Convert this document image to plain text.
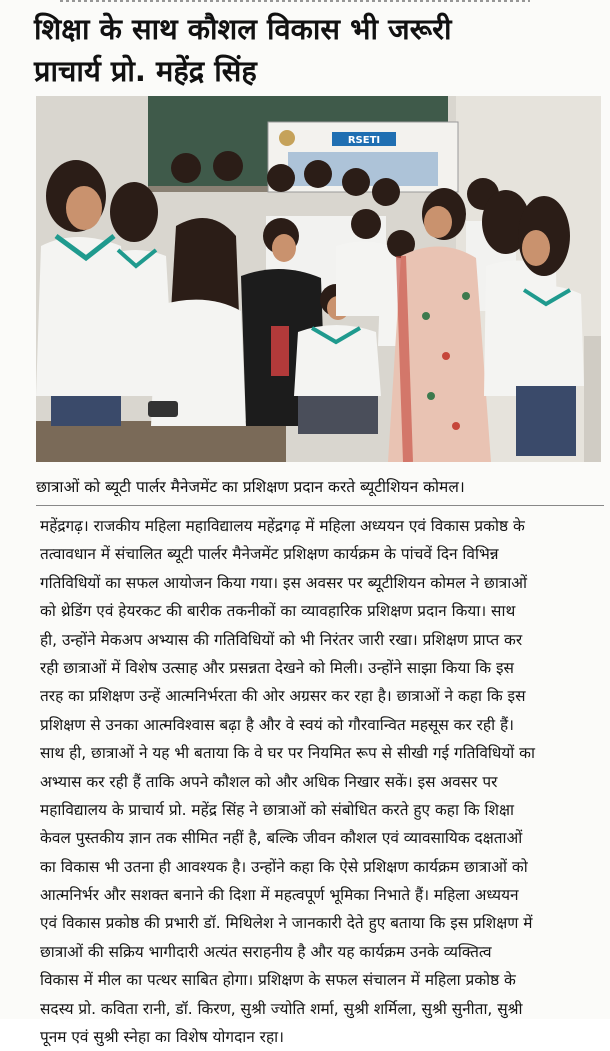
शिक्षा के साथ कौशल विकास भी जरूरी
प्राचार्य प्रो. महेंद्र सिंह
RSETI
छात्राओं को ब्यूटी पार्लर मैनेजमेंट का प्रशिक्षण प्रदान करते ब्यूटीशियन कोमल।
महेंद्रगढ़। राजकीय महिला महाविद्यालय महेंद्रगढ़ में महिला अध्ययन एवं विकास प्रकोष्ठ के
तत्वावधान में संचालित ब्यूटी पार्लर मैनेजमेंट प्रशिक्षण कार्यक्रम के पांचवें दिन विभिन्न
गतिविधियों का सफल आयोजन किया गया। इस अवसर पर ब्यूटीशियन कोमल ने छात्राओं
को थ्रेडिंग एवं हेयरकट की बारीक तकनीकों का व्यावहारिक प्रशिक्षण प्रदान किया। साथ
ही, उन्होंने मेकअप अभ्यास की गतिविधियों को भी निरंतर जारी रखा। प्रशिक्षण प्राप्त कर
रही छात्राओं में विशेष उत्साह और प्रसन्नता देखने को मिली। उन्होंने साझा किया कि इस
तरह का प्रशिक्षण उन्हें आत्मनिर्भरता की ओर अग्रसर कर रहा है। छात्राओं ने कहा कि इस
प्रशिक्षण से उनका आत्मविश्वास बढ़ा है और वे स्वयं को गौरवान्वित महसूस कर रही हैं।
साथ ही, छात्राओं ने यह भी बताया कि वे घर पर नियमित रूप से सीखी गई गतिविधियों का
अभ्यास कर रही हैं ताकि अपने कौशल को और अधिक निखार सकें। इस अवसर पर
महाविद्यालय के प्राचार्य प्रो. महेंद्र सिंह ने छात्राओं को संबोधित करते हुए कहा कि शिक्षा
केवल पुस्तकीय ज्ञान तक सीमित नहीं है, बल्कि जीवन कौशल एवं व्यावसायिक दक्षताओं
का विकास भी उतना ही आवश्यक है। उन्होंने कहा कि ऐसे प्रशिक्षण कार्यक्रम छात्राओं को
आत्मनिर्भर और सशक्त बनाने की दिशा में महत्वपूर्ण भूमिका निभाते हैं। महिला अध्ययन
एवं विकास प्रकोष्ठ की प्रभारी डॉ. मिथिलेश ने जानकारी देते हुए बताया कि इस प्रशिक्षण में
छात्राओं की सक्रिय भागीदारी अत्यंत सराहनीय है और यह कार्यक्रम उनके व्यक्तित्व
विकास में मील का पत्थर साबित होगा। प्रशिक्षण के सफल संचालन में महिला प्रकोष्ठ के
सदस्य प्रो. कविता रानी, डॉ. किरण, सुश्री ज्योति शर्मा, सुश्री शर्मिला, सुश्री सुनीता, सुश्री
पूनम एवं सुश्री स्नेहा का विशेष योगदान रहा।
